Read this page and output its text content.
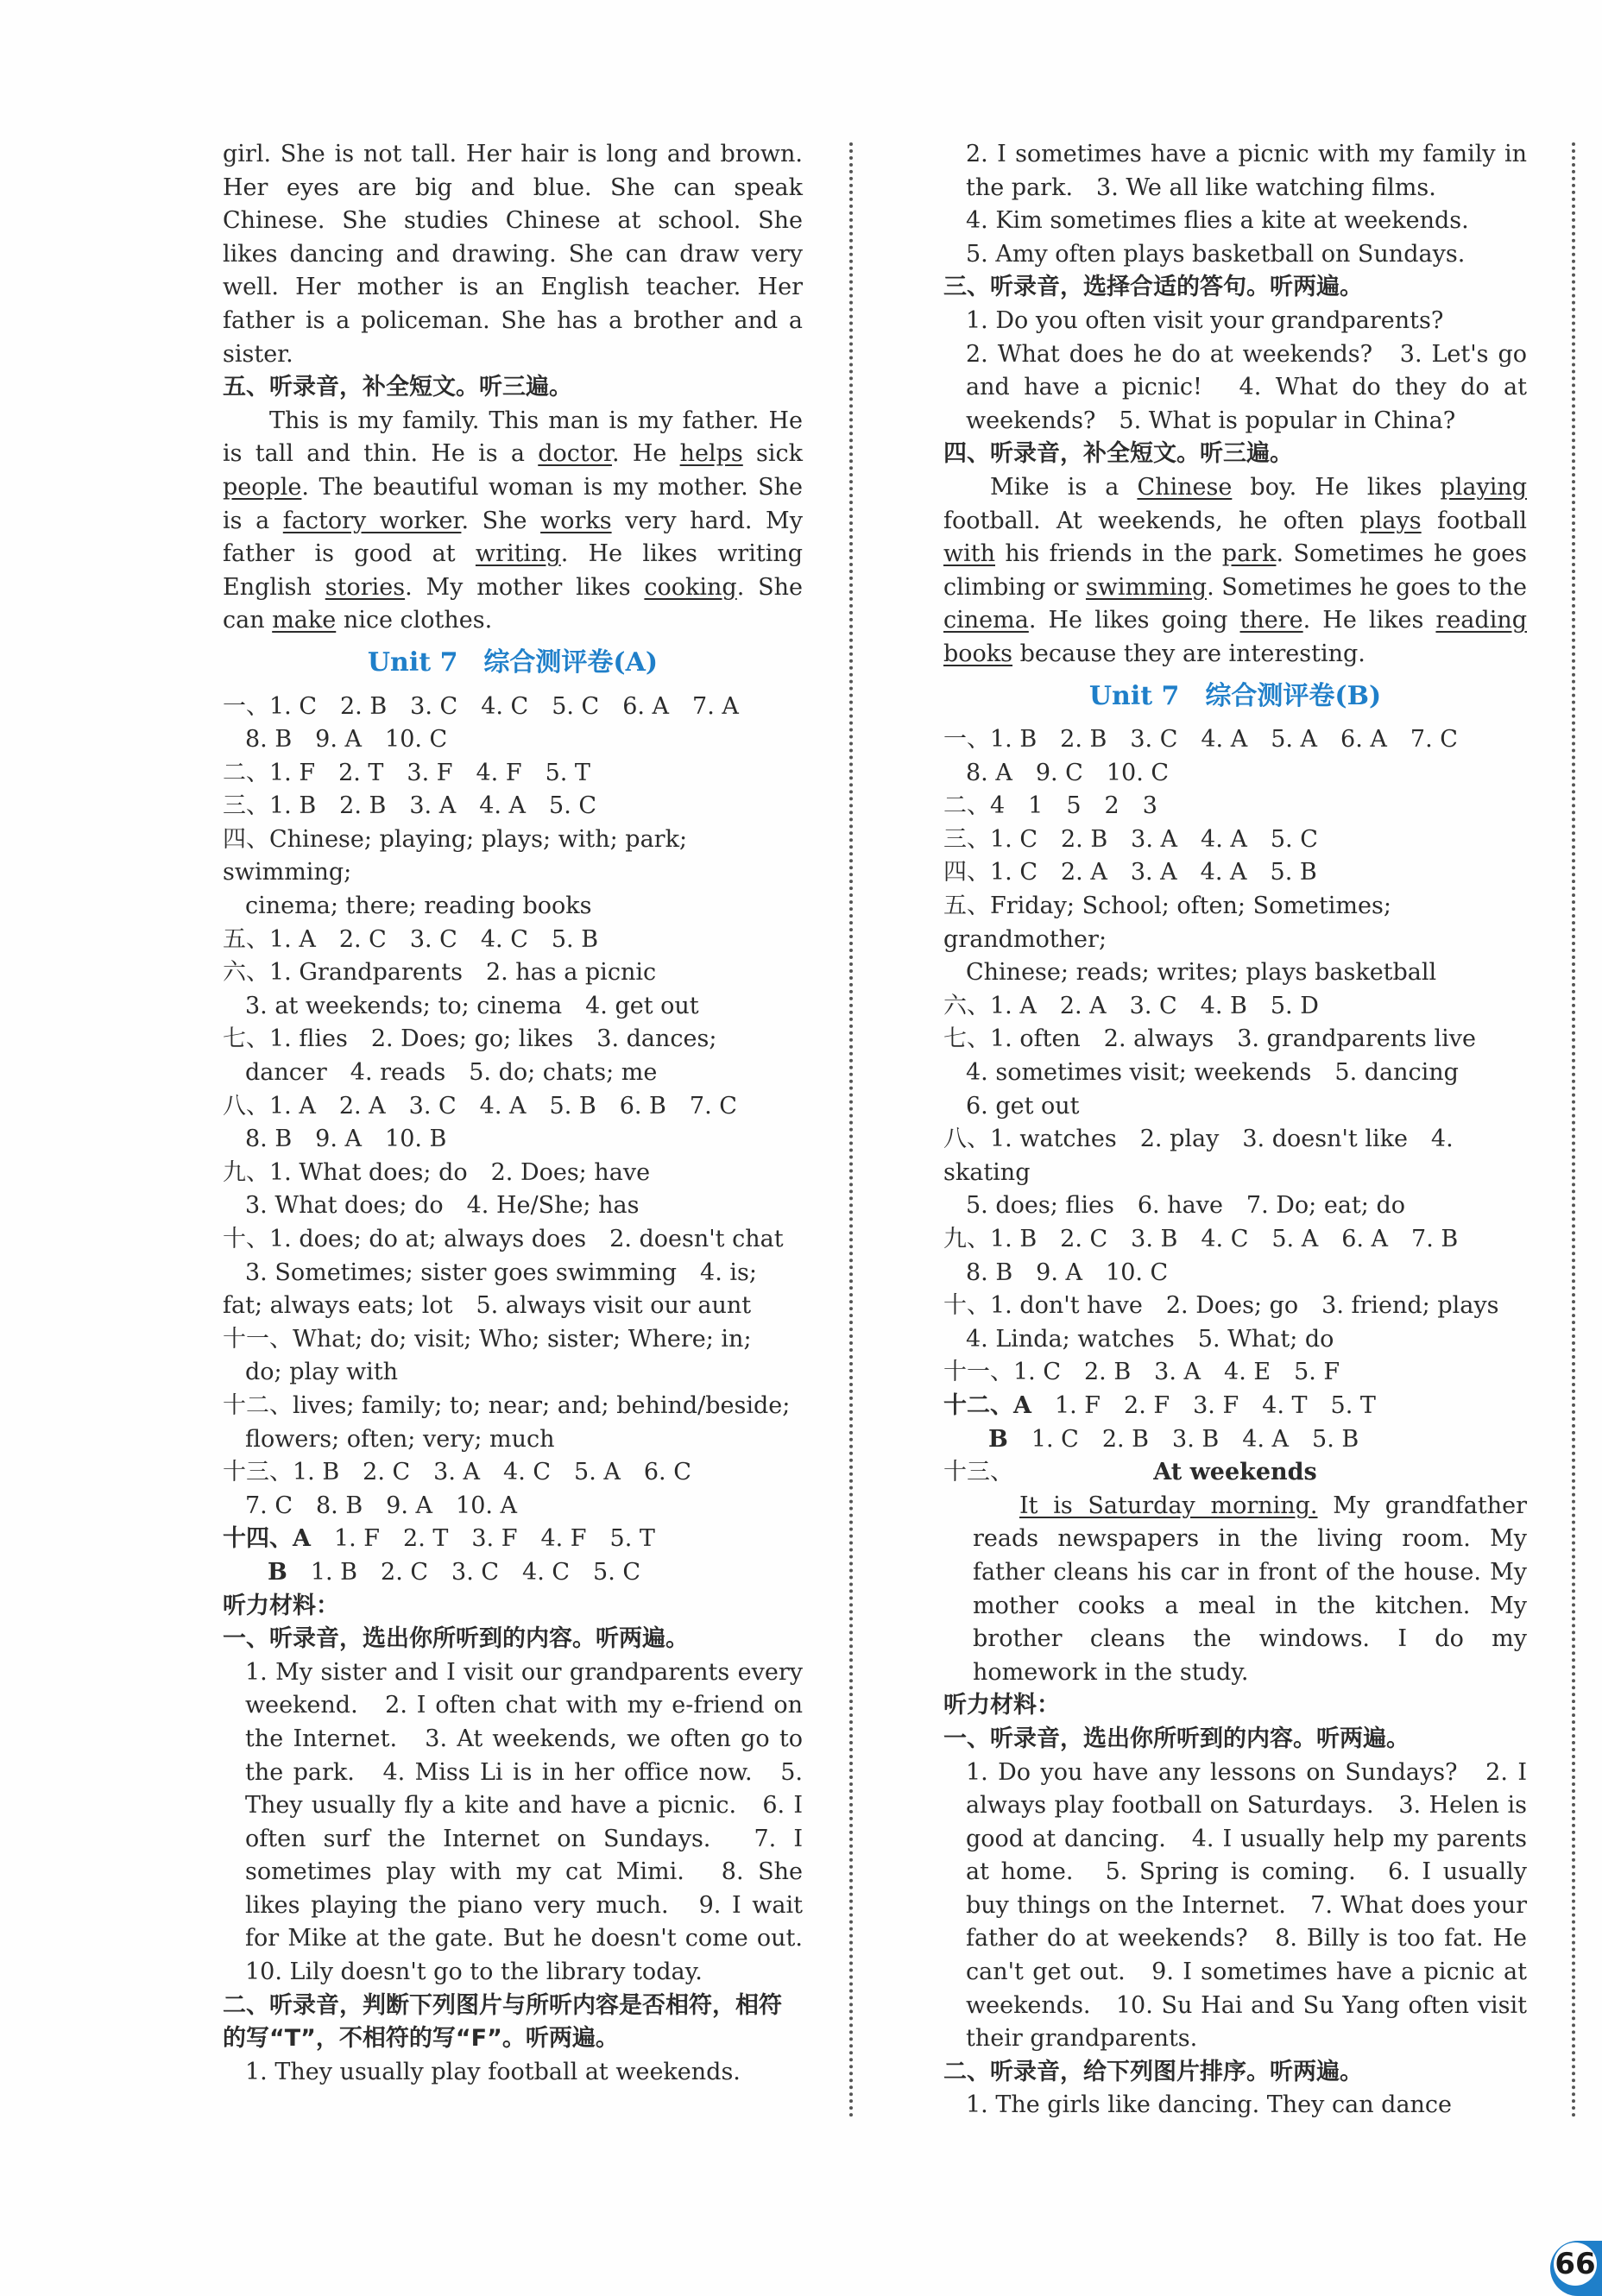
girl. She is not tall. Her hair is long and brown. Her eyes are big and blue. She can speak Chinese. She studies Chinese at school. She likes dancing and drawing. She can draw very well. Her mother is an English teacher. Her father is a policeman. She has a brother and a sister.
五、听录音，补全短文。听三遍。
This is my family. This man is my father. He is tall and thin. He is a doctor. He helps sick people. The beautiful woman is my mother. She is a factory worker. She works very hard. My father is good at writing. He likes writing English stories. My mother likes cooking. She can make nice clothes.
Unit 7　综合测评卷(A)
一、1. C　2. B　3. C　4. C　5. C　6. A　7. A
8. B　9. A　10. C
二、1. F　2. T　3. F　4. F　5. T
三、1. B　2. B　3. A　4. A　5. C
四、Chinese; playing; plays; with; park; swimming;
cinema; there; reading books
五、1. A　2. C　3. C　4. C　5. B
六、1. Grandparents　2. has a picnic
3. at weekends; to; cinema　4. get out
七、1. flies　2. Does; go; likes　3. dances;
dancer　4. reads　5. do; chats; me
八、1. A　2. A　3. C　4. A　5. B　6. B　7. C
8. B　9. A　10. B
九、1. What does; do　2. Does; have
3. What does; do　4. He/She; has
十、1. does; do at; always does　2. doesn't chat
3. Sometimes; sister goes swimming　4. is;
fat; always eats; lot　5. always visit our aunt
十一、What; do; visit; Who; sister; Where; in;
do; play with
十二、lives; family; to; near; and; behind/beside;
flowers; often; very; much
十三、1. B　2. C　3. A　4. C　5. A　6. C
7. C　8. B　9. A　10. A
十四、A　 1. F　2. T　3. F　4. F　5. T
B　 1. B　2. C　3. C　4. C　5. C
听力材料：
一、听录音，选出你所听到的内容。听两遍。
1. My sister and I visit our grandparents every weekend.　2. I often chat with my e-friend on the Internet.　3. At weekends, we often go to the park.　4. Miss Li is in her office now.　5. They usually fly a kite and have a picnic.　6. I often surf the Internet on Sundays.　7. I sometimes play with my cat Mimi.　8. She likes playing the piano very much.　9. I wait for Mike at the gate. But he doesn't come out.　10. Lily doesn't go to the library today.
二、听录音，判断下列图片与所听内容是否相符，相符的写“T”，不相符的写“F”。听两遍。
1. They usually play football at weekends.
2. I sometimes have a picnic with my family in the park.　3. We all like watching films.
4. Kim sometimes flies a kite at weekends.
5. Amy often plays basketball on Sundays.
三、听录音，选择合适的答句。听两遍。
1. Do you often visit your grandparents?
2. What does he do at weekends?　3. Let's go and have a picnic!　4. What do they do at weekends?　5. What is popular in China?
四、听录音，补全短文。听三遍。
Mike is a Chinese boy. He likes playing football. At weekends, he often plays football with his friends in the park. Sometimes he goes climbing or swimming. Sometimes he goes to the cinema. He likes going there. He likes reading books because they are interesting.
Unit 7　综合测评卷(B)
一、1. B　2. B　3. C　4. A　5. A　6. A　7. C
8. A　9. C　10. C
二、4　1　5　2　3
三、1. C　2. B　3. A　4. A　5. C
四、1. C　2. A　3. A　4. A　5. B
五、Friday; School; often; Sometimes; grandmother;
Chinese; reads; writes; plays basketball
六、1. A　2. A　3. C　4. B　5. D
七、1. often　2. always　3. grandparents live
4. sometimes visit; weekends　5. dancing
6. get out
八、1. watches　2. play　3. doesn't like　4. skating
5. does; flies　6. have　7. Do; eat; do
九、1. B　2. C　3. B　4. C　5. A　6. A　7. B
8. B　9. A　10. C
十、1. don't have　2. Does; go　3. friend; plays
4. Linda; watches　5. What; do
十一、1. C　2. B　3. A　4. E　5. F
十二、A　 1. F　2. F　3. F　4. T　5. T
B　 1. C　2. B　3. B　4. A　5. B
十三、	At weekends
It is Saturday morning. My grandfather reads newspapers in the living room. My father cleans his car in front of the house. My mother cooks a meal in the kitchen. My brother cleans the windows. I do my homework in the study.
听力材料：
一、听录音，选出你所听到的内容。听两遍。
1. Do you have any lessons on Sundays?　2. I always play football on Saturdays.　3. Helen is good at dancing.　4. I usually help my parents at home.　5. Spring is coming.　6. I usually buy things on the Internet.　7. What does your father do at weekends?　8. Billy is too fat. He can't get out.　9. I sometimes have a picnic at weekends.　10. Su Hai and Su Yang often visit their grandparents.
二、听录音，给下列图片排序。听两遍。
1. The girls like dancing. They can dance
66
